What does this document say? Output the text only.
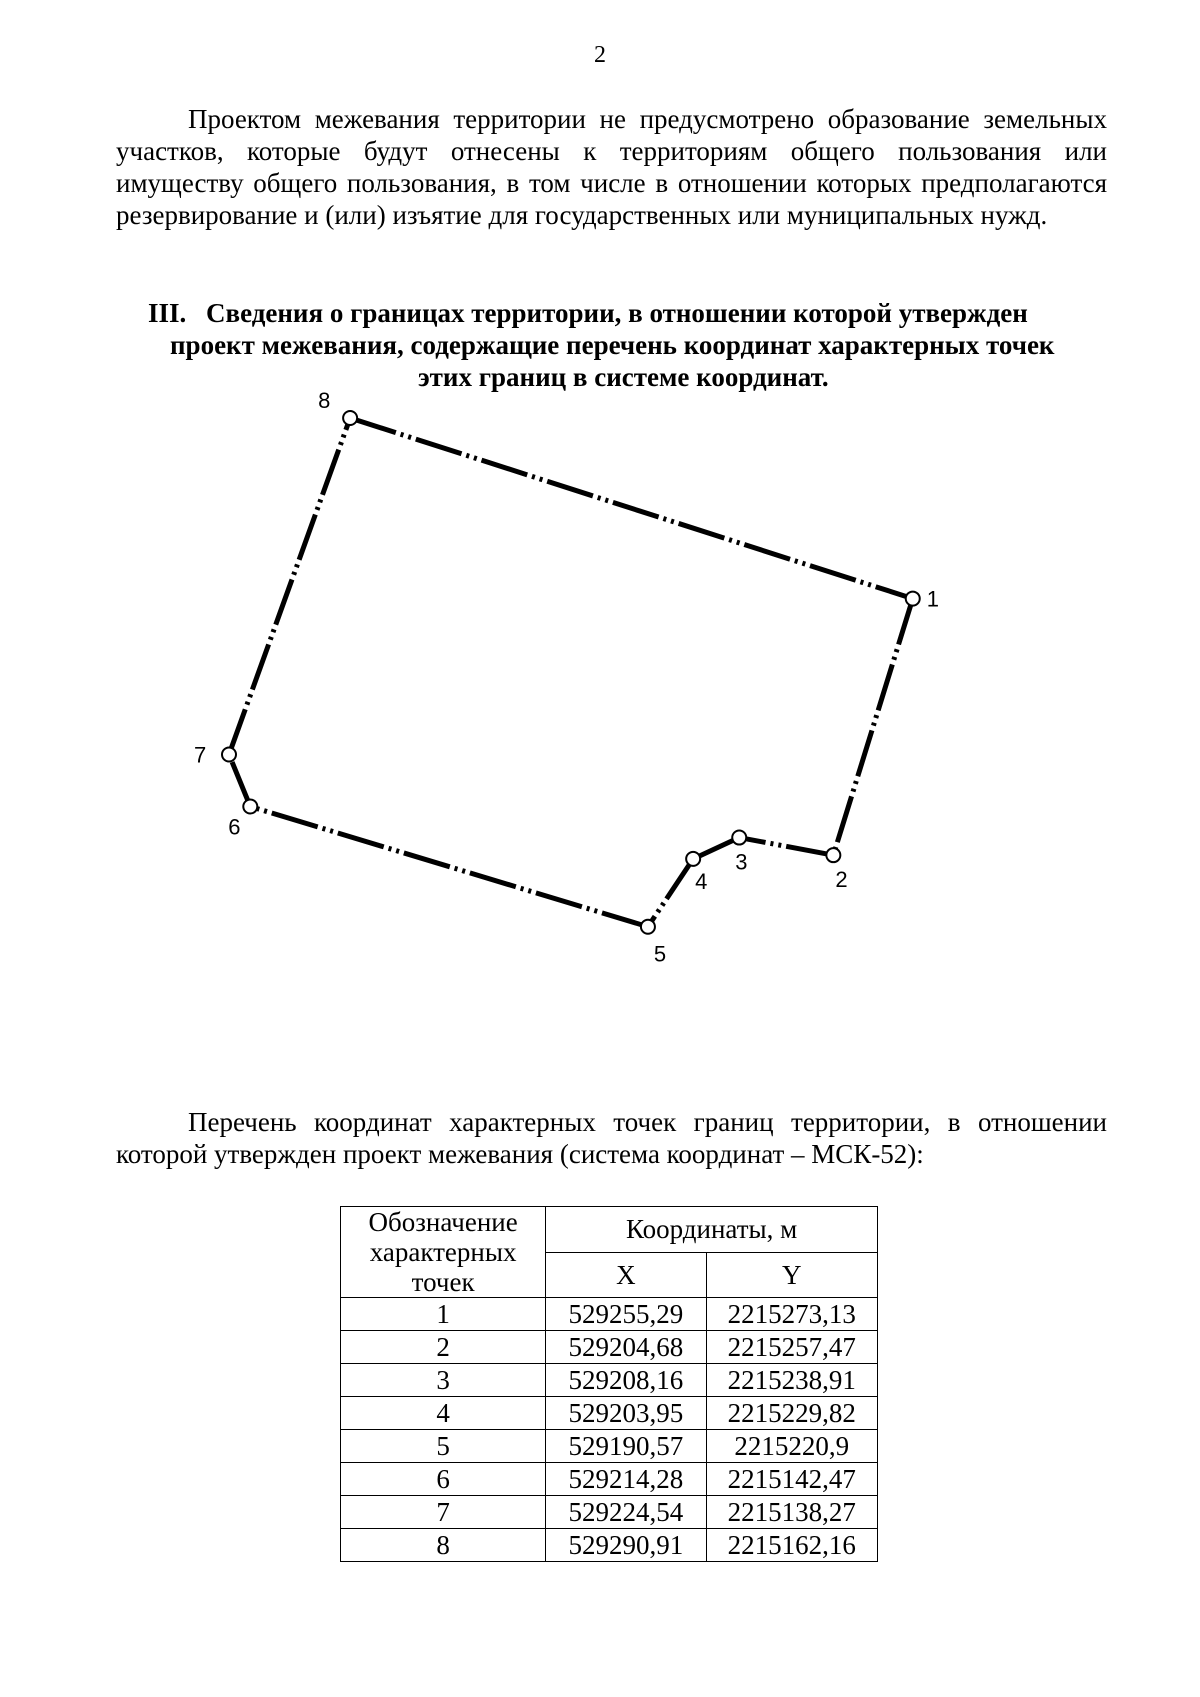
2

Проектом межевания территории не предусмотрено образование земельных участков, которые будут отнесены к территориям общего пользования или имуществу общего пользования, в том числе в отношении которых предполагаются резервирование и (или) изъятие для государственных или муниципальных нужд.

III. Сведения о границах территории, в отношении которой утвержден
проект межевания, содержащие перечень координат характерных точек
этих границ в системе координат.
1
2
3
4
5
6
7
8

Перечень координат характерных точек границ территории, в отношении которой утвержден проект межевания (система координат – МСК-52):

Обозначение характерных точек	Координаты, м	
	X	Y
1	529255,29	2215273,13
2	529204,68	2215257,47
3	529208,16	2215238,91
4	529203,95	2215229,82
5	529190,57	2215220,9
6	529214,28	2215142,47
7	529224,54	2215138,27
8	529290,91	2215162,16
